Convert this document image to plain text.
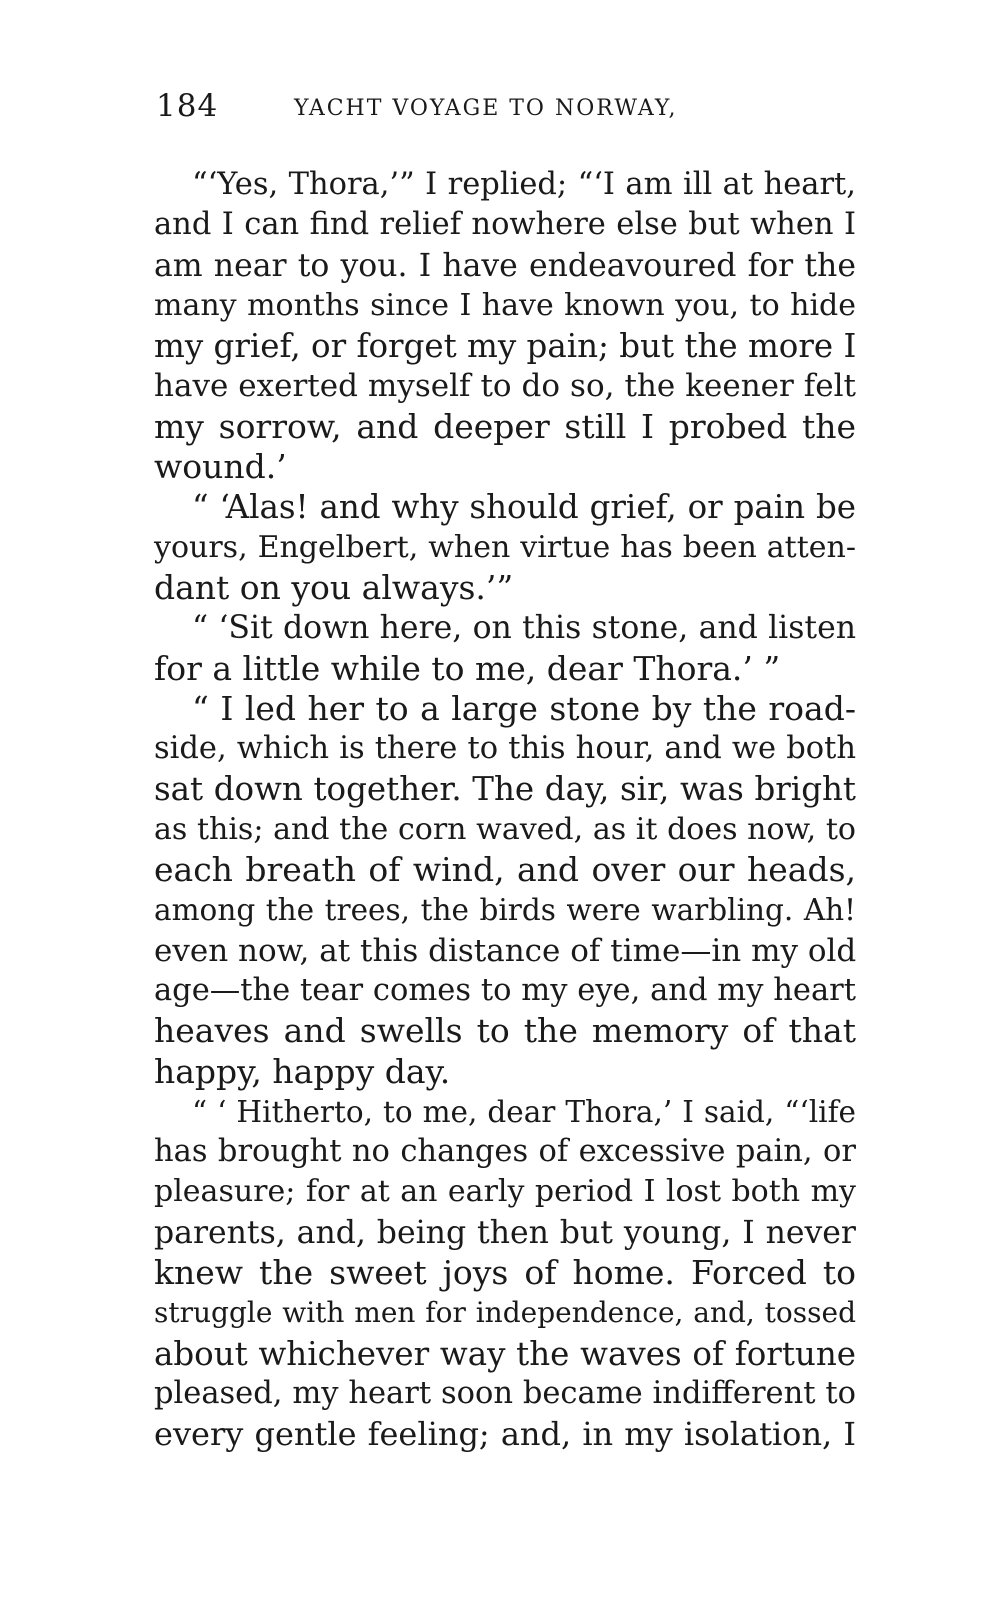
184	YACHT VOYAGE TO NORWAY,
“‘Yes, Thora,’” I replied; “‘I am ill at heart,
and I can find relief nowhere else but when I
am near to you. I have endeavoured for the
many months since I have known you, to hide
my grief, or forget my pain; but the more I
have exerted myself to do so, the keener felt
my sorrow, and deeper still I probed the
wound.’
“ ‘Alas! and why should grief, or pain be
yours, Engelbert, when virtue has been atten-
dant on you always.’”
“ ‘Sit down here, on this stone, and listen
for a little while to me, dear Thora.’ ”
“ I led her to a large stone by the road-
side, which is there to this hour, and we both
sat down together. The day, sir, was bright
as this; and the corn waved, as it does now, to
each breath of wind, and over our heads,
among the trees, the birds were warbling. Ah!
even now, at this distance of time—in my old
age—the tear comes to my eye, and my heart
heaves and swells to the memory of that
happy, happy day.
“ ‘ Hitherto, to me, dear Thora,’ I said, “‘life
has brought no changes of excessive pain, or
pleasure; for at an early period I lost both my
parents, and, being then but young, I never
knew the sweet joys of home. Forced to
struggle with men for independence, and, tossed
about whichever way the waves of fortune
pleased, my heart soon became indifferent to
every gentle feeling; and, in my isolation, I
